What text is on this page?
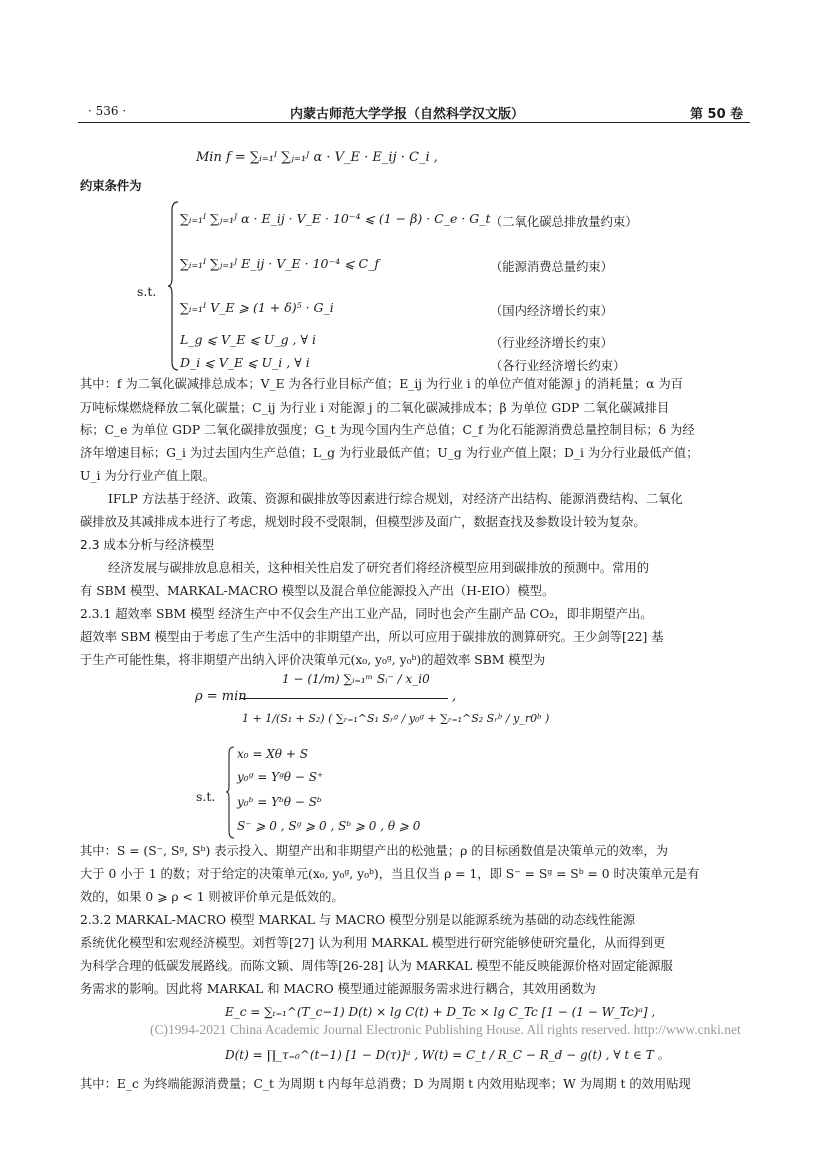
· 536 ·	内蒙古师范大学学报（自然科学汉文版）	第 50 卷
Min f = ∑ᵢ₌₁ᴵ ∑ⱼ₌₁ᴶ α · V_E · E_ij · C_i ,
约束条件为
s.t.
∑ᵢ₌₁ᴵ ∑ⱼ₌₁ᴶ α · E_ij · V_E · 10⁻⁴ ⩽ (1 − β) · C_e · G_t
∑ᵢ₌₁ᴵ ∑ⱼ₌₁ᴶ E_ij · V_E · 10⁻⁴ ⩽ C_f
∑ᵢ₌₁ᴵ V_E ⩾ (1 + δ)⁵ · G_i
L_g ⩽ V_E ⩽ U_g , ∀ i
D_i ⩽ V_E ⩽ U_i , ∀ i
（二氧化碳总排放量约束）
（能源消费总量约束）
（国内经济增长约束）
（行业经济增长约束）
（各行业经济增长约束）
其中：f 为二氧化碳减排总成本；V_E 为各行业目标产值；E_ij 为行业 i 的单位产值对能源 j 的消耗量；α 为百
万吨标煤燃烧释放二氧化碳量；C_ij 为行业 i 对能源 j 的二氧化碳减排成本；β 为单位 GDP 二氧化碳减排目
标；C_e 为单位 GDP 二氧化碳排放强度；G_t 为现今国内生产总值；C_f 为化石能源消费总量控制目标；δ 为经
济年增速目标；G_i 为过去国内生产总值；L_g 为行业最低产值；U_g 为行业产值上限；D_i 为分行业最低产值；
U_i 为分行业产值上限。
IFLP 方法基于经济、政策、资源和碳排放等因素进行综合规划，对经济产出结构、能源消费结构、二氧化
碳排放及其减排成本进行了考虑，规划时段不受限制，但模型涉及面广，数据查找及参数设计较为复杂。
2.3 成本分析与经济模型
经济发展与碳排放息息相关，这种相关性启发了研究者们将经济模型应用到碳排放的预测中。常用的
有 SBM 模型、MARKAL-MACRO 模型以及混合单位能源投入产出（H-EIO）模型。
2.3.1 超效率 SBM 模型 经济生产中不仅会生产出工业产品，同时也会产生副产品 CO₂，即非期望产出。
超效率 SBM 模型由于考虑了生产生活中的非期望产出，所以可应用于碳排放的测算研究。王少剑等[22] 基
于生产可能性集，将非期望产出纳入评价决策单元(x₀, y₀ᵍ, y₀ᵇ)的超效率 SBM 模型为
ρ = min
1 − (1/m) ∑ᵢ₌₁ᵐ Sᵢ⁻ / x_i0
1 + 1/(S₁ + S₂) ( ∑ᵣ₌₁^S₁ Sᵣᵍ / y₀ᵍ + ∑ᵣ₌₁^S₂ Sᵣᵇ / y_r0ᵇ )
,
s.t.
x₀ = Xθ + S
y₀ᵍ = Yᵍθ − S⁺
y₀ᵇ = Yᵇθ − Sᵇ
S⁻ ⩾ 0 , Sᵍ ⩾ 0 , Sᵇ ⩾ 0 , θ ⩾ 0
其中：S = (S⁻, Sᵍ, Sᵇ) 表示投入、期望产出和非期望产出的松弛量；ρ 的目标函数值是决策单元的效率，为
大于 0 小于 1 的数；对于给定的决策单元(x₀, y₀ᵍ, y₀ᵇ)，当且仅当 ρ = 1，即 S⁻ = Sᵍ = Sᵇ = 0 时决策单元是有
效的，如果 0 ⩾ ρ < 1 则被评价单元是低效的。
2.3.2 MARKAL-MACRO 模型 MARKAL 与 MACRO 模型分别是以能源系统为基础的动态线性能源
系统优化模型和宏观经济模型。刘哲等[27] 认为利用 MARKAL 模型进行研究能够使研究量化，从而得到更
为科学合理的低碳发展路线。而陈文颖、周伟等[26-28] 认为 MARKAL 模型不能反映能源价格对固定能源服
务需求的影响。因此将 MARKAL 和 MACRO 模型通过能源服务需求进行耦合，其效用函数为
E_c = ∑ₜ₌₁^(T_c−1) D(t) × lg C(t) + D_Tc × lg C_Tc [1 − (1 − W_Tc)ᵃ] ,
D(t) = ∏_τ₌₀^(t−1) [1 − D(τ)]ᵃ , W(t) = C_t / R_C − R_d − g(t) , ∀ t ∈ T 。
(C)1994-2021 China Academic Journal Electronic Publishing House. All rights reserved. http://www.cnki.net
其中：E_c 为终端能源消费量；C_t 为周期 t 内每年总消费；D 为周期 t 内效用贴现率；W 为周期 t 的效用贴现
